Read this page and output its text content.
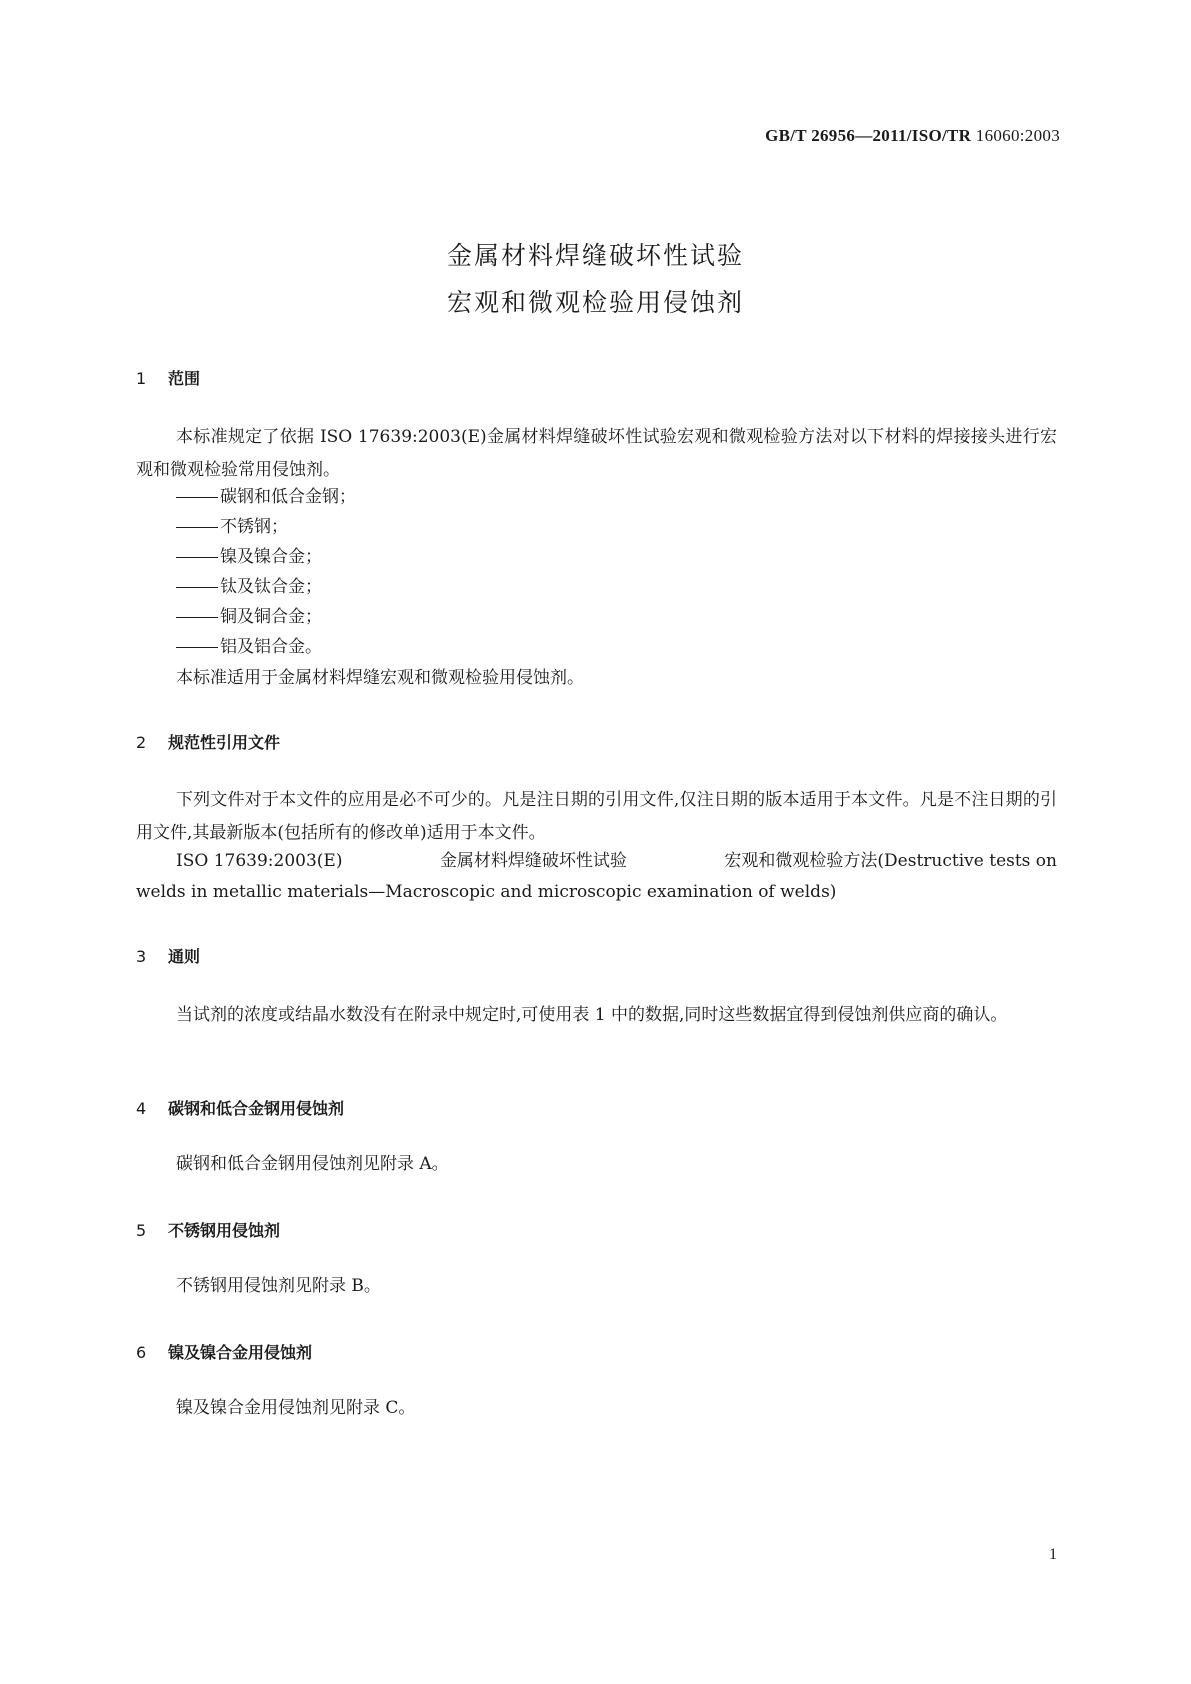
GB/T 26956—2011/ISO/TR 16060:2003
金属材料焊缝破坏性试验
宏观和微观检验用侵蚀剂
1 范围
本标准规定了依据 ISO 17639:2003(E)金属材料焊缝破坏性试验宏观和微观检验方法对以下材料的焊接接头进行宏观和微观检验常用侵蚀剂。
碳钢和低合金钢；
不锈钢；
镍及镍合金；
钛及钛合金；
铜及铜合金；
铝及铝合金。
本标准适用于金属材料焊缝宏观和微观检验用侵蚀剂。
2 规范性引用文件
下列文件对于本文件的应用是必不可少的。凡是注日期的引用文件,仅注日期的版本适用于本文件。凡是不注日期的引用文件,其最新版本(包括所有的修改单)适用于本文件。
ISO 17639:2003(E)	金属材料焊缝破坏性试验	宏观和微观检验方法(Destructive tests on
welds in metallic materials—Macroscopic and microscopic examination of welds)
3 通则
当试剂的浓度或结晶水数没有在附录中规定时,可使用表 1 中的数据,同时这些数据宜得到侵蚀剂供应商的确认。
4 碳钢和低合金钢用侵蚀剂
碳钢和低合金钢用侵蚀剂见附录 A。
5 不锈钢用侵蚀剂
不锈钢用侵蚀剂见附录 B。
6 镍及镍合金用侵蚀剂
镍及镍合金用侵蚀剂见附录 C。
1
